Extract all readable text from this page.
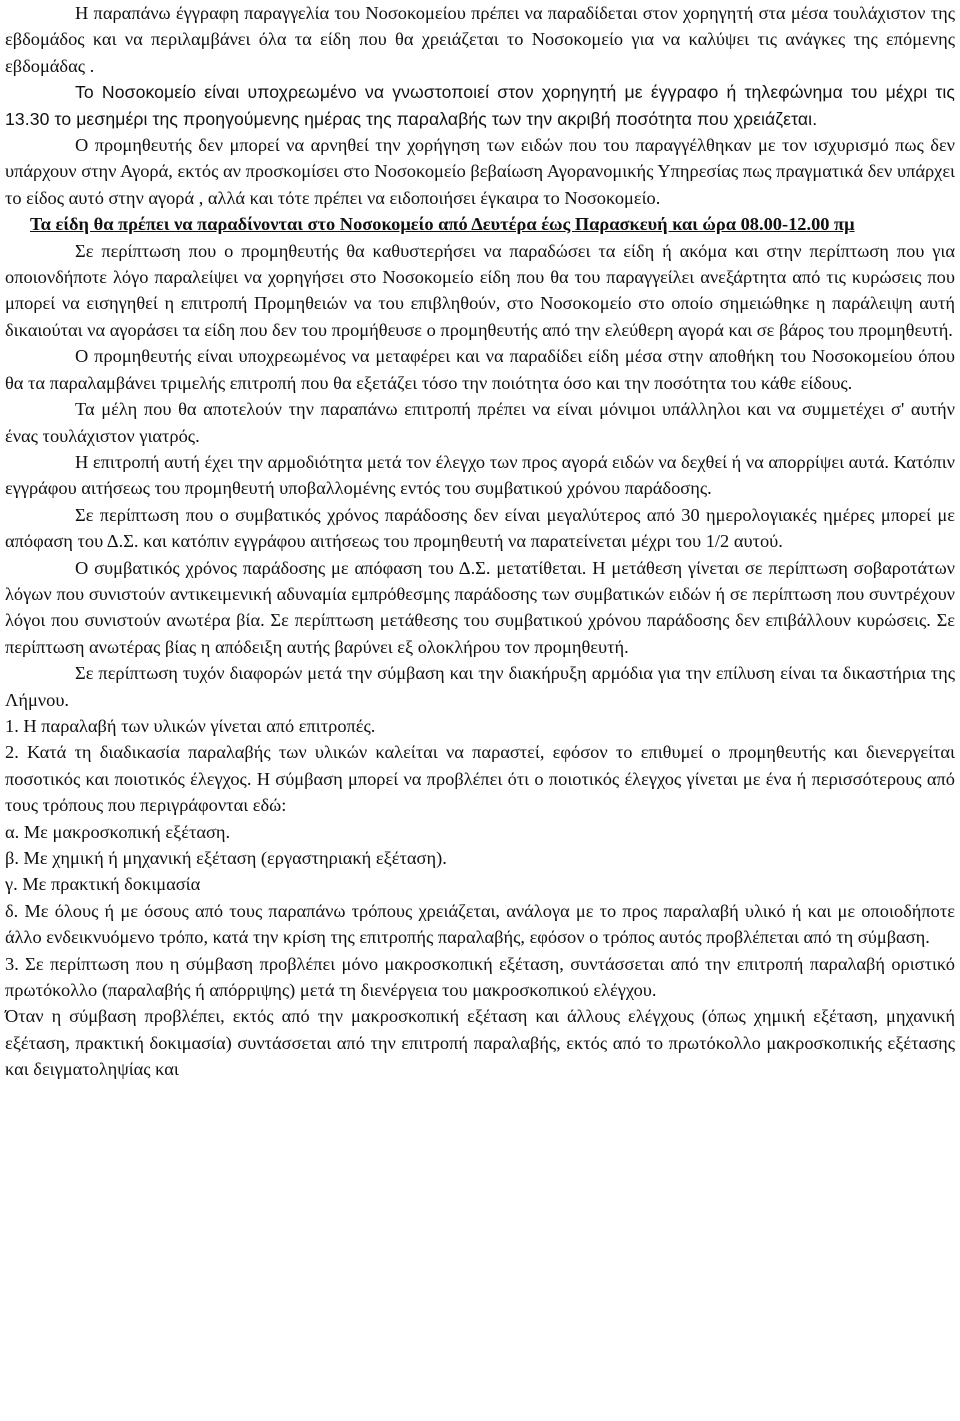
Η παραπάνω έγγραφη παραγγελία του Νοσοκομείου πρέπει να παραδίδεται στον χορηγητή στα μέσα τουλάχιστον της εβδομάδος και να περιλαμβάνει όλα τα είδη που θα χρειάζεται το Νοσοκομείο για να καλύψει τις ανάγκες της επόμενης εβδομάδας .

Το Νοσοκομείο είναι υποχρεωμένο να γνωστοποιεί στον χορηγητή με έγγραφο ή τηλεφώνημα του μέχρι τις 13.30 το μεσημέρι της προηγούμενης ημέρας της παραλαβής των την ακριβή ποσότητα που χρειάζεται.

Ο προμηθευτής δεν μπορεί να αρνηθεί την χορήγηση των ειδών που του παραγγέλθηκαν με τον ισχυρισμό πως δεν υπάρχουν στην Αγορά, εκτός αν προσκομίσει στο Νοσοκομείο βεβαίωση Αγορανομικής Υπηρεσίας πως πραγματικά δεν υπάρχει το είδος αυτό στην αγορά , αλλά και τότε πρέπει να ειδοποιήσει έγκαιρα το Νοσοκομείο.

Τα είδη θα πρέπει να παραδίνονται στο Νοσοκομείο από Δευτέρα έως Παρασκευή και ώρα 08.00-12.00 πμ

Σε περίπτωση που ο προμηθευτής θα καθυστερήσει να παραδώσει τα είδη ή ακόμα και στην περίπτωση που για οποιονδήποτε λόγο παραλείψει να χορηγήσει στο Νοσοκομείο είδη που θα του παραγγείλει ανεξάρτητα από τις κυρώσεις που μπορεί να εισηγηθεί η επιτροπή Προμηθειών να του επιβληθούν, στο Νοσοκομείο στο οποίο σημειώθηκε η παράλειψη αυτή δικαιούται να αγοράσει τα είδη που δεν του προμήθευσε ο προμηθευτής από την ελεύθερη αγορά και σε βάρος του προμηθευτή.

Ο προμηθευτής είναι υποχρεωμένος να μεταφέρει και να παραδίδει είδη μέσα στην αποθήκη του Νοσοκομείου όπου θα τα παραλαμβάνει τριμελής επιτροπή που θα εξετάζει τόσο την ποιότητα όσο και την ποσότητα του κάθε είδους.

Τα μέλη που θα αποτελούν την παραπάνω επιτροπή πρέπει να είναι μόνιμοι υπάλληλοι και να συμμετέχει σ' αυτήν ένας τουλάχιστον γιατρός.

Η επιτροπή αυτή έχει την αρμοδιότητα μετά τον έλεγχο των προς αγορά ειδών να δεχθεί ή να απορρίψει αυτά. Κατόπιν εγγράφου αιτήσεως του προμηθευτή υποβαλλομένης εντός του συμβατικού χρόνου παράδοσης.

Σε περίπτωση που ο συμβατικός χρόνος παράδοσης δεν είναι μεγαλύτερος από 30 ημερολογιακές ημέρες μπορεί με απόφαση του Δ.Σ. και κατόπιν εγγράφου αιτήσεως του προμηθευτή να παρατείνεται μέχρι του 1/2 αυτού.

Ο συμβατικός χρόνος παράδοσης με απόφαση του Δ.Σ. μετατίθεται. Η μετάθεση γίνεται σε περίπτωση σοβαροτάτων λόγων που συνιστούν αντικειμενική αδυναμία εμπρόθεσμης παράδοσης των συμβατικών ειδών ή σε περίπτωση που συντρέχουν λόγοι που συνιστούν ανωτέρα βία. Σε περίπτωση μετάθεσης του συμβατικού χρόνου παράδοσης δεν επιβάλλουν κυρώσεις. Σε περίπτωση ανωτέρας βίας η απόδειξη αυτής βαρύνει εξ ολοκλήρου τον προμηθευτή.

Σε περίπτωση τυχόν διαφορών μετά την σύμβαση και την διακήρυξη αρμόδια για την επίλυση είναι τα δικαστήρια της Λήμνου.

1. Η παραλαβή των υλικών γίνεται από επιτροπές.

2. Κατά τη διαδικασία παραλαβής των υλικών καλείται να παραστεί, εφόσον το επιθυμεί ο προμηθευτής και διενεργείται ποσοτικός και ποιοτικός έλεγχος. Η σύμβαση μπορεί να προβλέπει ότι ο ποιοτικός έλεγχος γίνεται με ένα ή περισσότερους από τους τρόπους που περιγράφονται εδώ:

α. Με μακροσκοπική εξέταση.

β. Με χημική ή μηχανική εξέταση (εργαστηριακή εξέταση).

γ. Με πρακτική δοκιμασία

δ. Με όλους ή με όσους από τους παραπάνω τρόπους χρειάζεται, ανάλογα με το προς παραλαβή υλικό ή και με οποιοδήποτε άλλο ενδεικνυόμενο τρόπο, κατά την κρίση της επιτροπής παραλαβής, εφόσον ο τρόπος αυτός προβλέπεται από τη σύμβαση.

3. Σε περίπτωση που η σύμβαση προβλέπει μόνο μακροσκοπική εξέταση, συντάσσεται από την επιτροπή παραλαβή οριστικό πρωτόκολλο (παραλαβής ή απόρριψης) μετά τη διενέργεια του μακροσκοπικού ελέγχου.

Όταν η σύμβαση προβλέπει, εκτός από την μακροσκοπική εξέταση και άλλους ελέγχους (όπως χημική εξέταση, μηχανική εξέταση, πρακτική δοκιμασία) συντάσσεται από την επιτροπή παραλαβής, εκτός από το πρωτόκολλο μακροσκοπικής εξέτασης και δειγματοληψίας και
